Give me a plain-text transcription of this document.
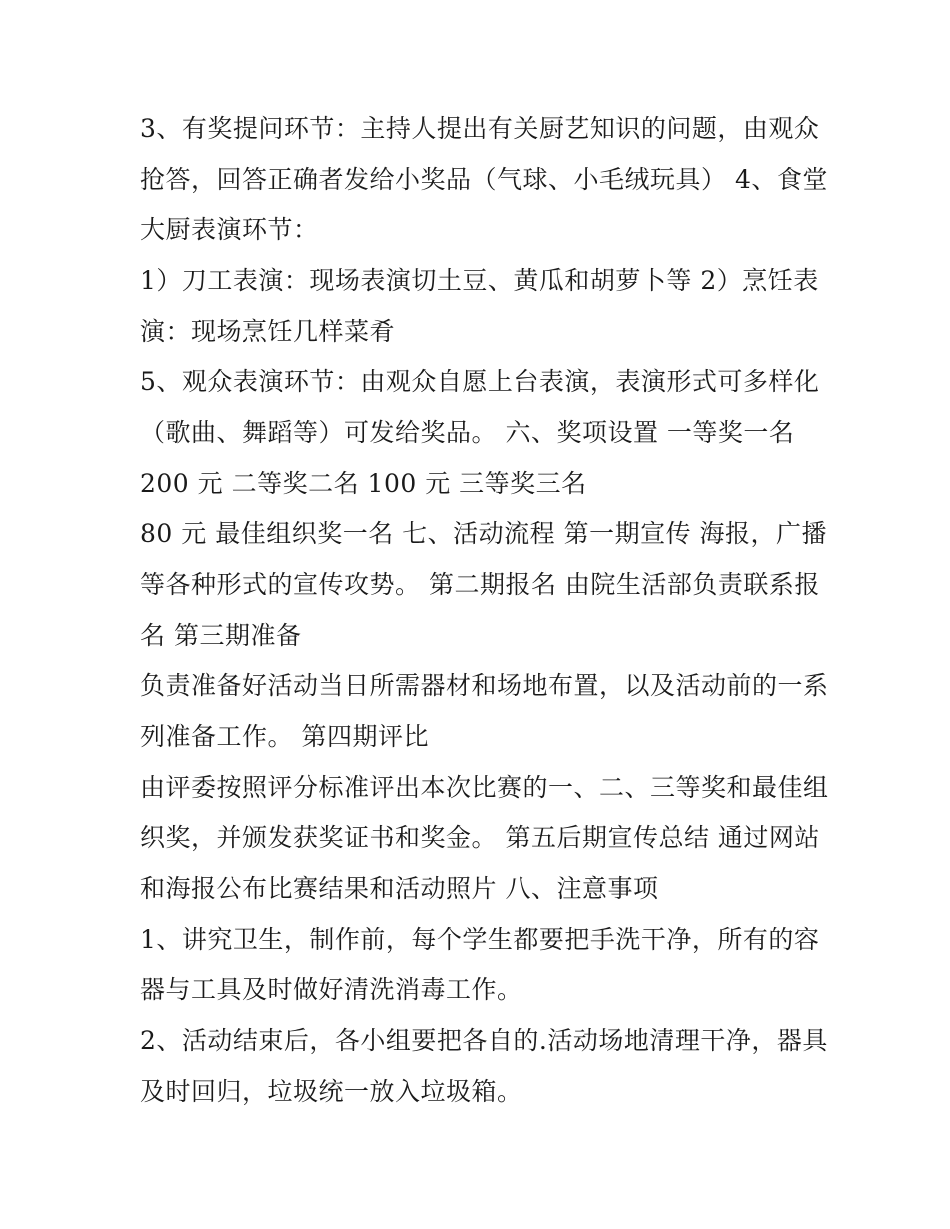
3、有奖提问环节：主持人提出有关厨艺知识的问题，由观众
抢答，回答正确者发给小奖品（气球、小毛绒玩具） 4、食堂
大厨表演环节：
1）刀工表演：现场表演切土豆、黄瓜和胡萝卜等 2）烹饪表
演：现场烹饪几样菜肴
5、观众表演环节：由观众自愿上台表演，表演形式可多样化
（歌曲、舞蹈等）可发给奖品。 六、奖项设置 一等奖一名
200 元 二等奖二名 100 元 三等奖三名
80 元 最佳组织奖一名 七、活动流程 第一期宣传 海报，广播
等各种形式的宣传攻势。 第二期报名 由院生活部负责联系报
名 第三期准备
负责准备好活动当日所需器材和场地布置，以及活动前的一系
列准备工作。 第四期评比
由评委按照评分标准评出本次比赛的一、二、三等奖和最佳组
织奖，并颁发获奖证书和奖金。 第五后期宣传总结 通过网站
和海报公布比赛结果和活动照片 八、注意事项
1、讲究卫生，制作前，每个学生都要把手洗干净，所有的容
器与工具及时做好清洗消毒工作。
2、活动结束后，各小组要把各自的.活动场地清理干净，器具
及时回归，垃圾统一放入垃圾箱。
